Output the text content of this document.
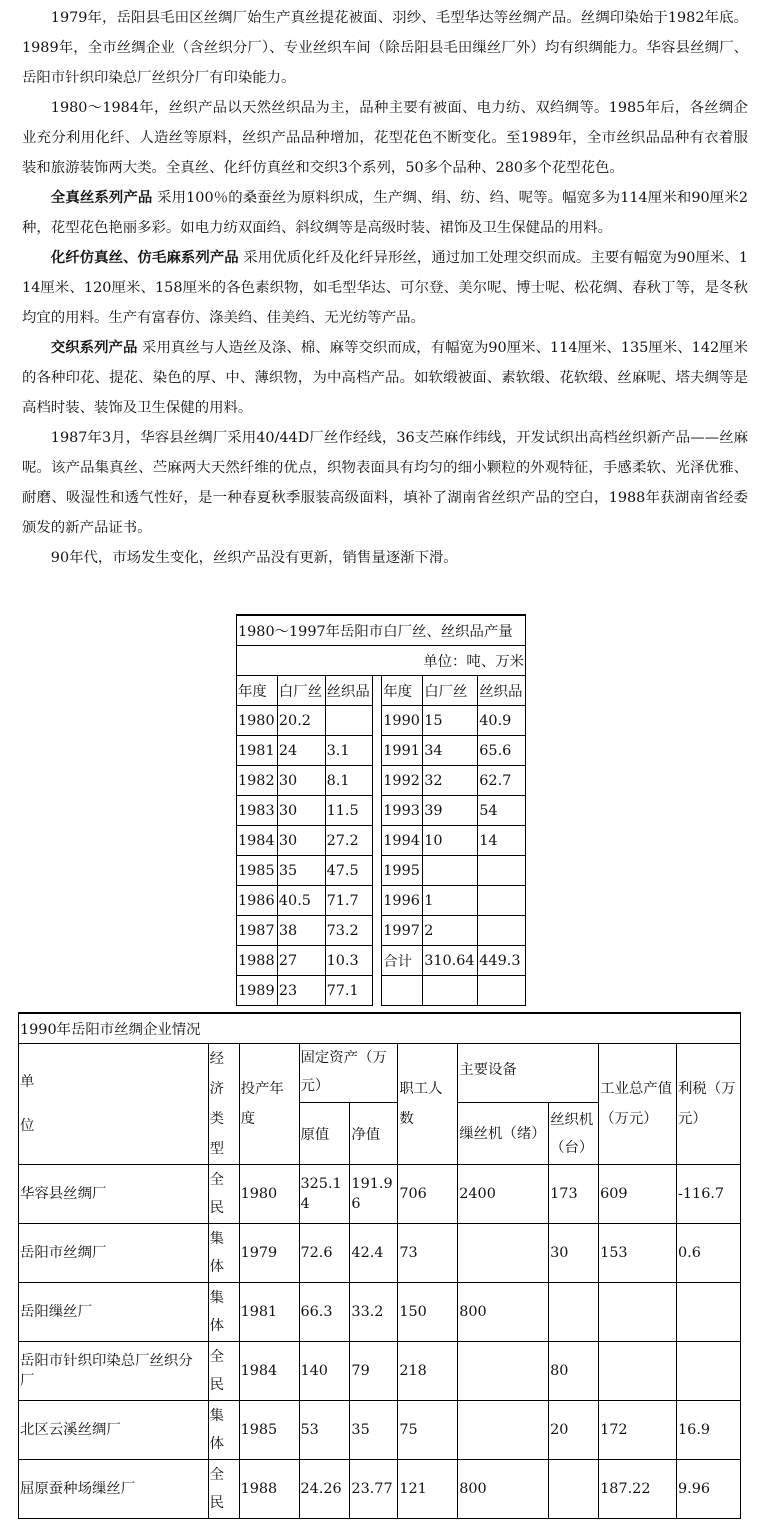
1979年，岳阳县毛田区丝绸厂始生产真丝提花被面、羽纱、毛型华达等丝绸产品。丝绸印染始于1982年底。1989年，全市丝绸企业（含丝织分厂）、专业丝织车间（除岳阳县毛田缫丝厂外）均有织绸能力。华容县丝绸厂、岳阳市针织印染总厂丝织分厂有印染能力。

1980～1984年，丝织产品以天然丝织品为主，品种主要有被面、电力纺、双绉绸等。1985年后，各丝绸企业充分利用化纤、人造丝等原料，丝织产品品种增加，花型花色不断变化。至1989年，全市丝织品品种有衣着服装和旅游装饰两大类。全真丝、化纤仿真丝和交织3个系列，50多个品种、280多个花型花色。

全真丝系列产品 采用100％的桑蚕丝为原料织成，生产绸、绢、纺、绉、呢等。幅宽多为114厘米和90厘米2种，花型花色艳丽多彩。如电力纺双面绉、斜纹绸等是高级时装、裙饰及卫生保健品的用料。

化纤仿真丝、仿毛麻系列产品 采用优质化纤及化纤异形丝，通过加工处理交织而成。主要有幅宽为90厘米、114厘米、120厘米、158厘米的各色素织物，如毛型华达、可尔登、美尔呢、博士呢、松花绸、春秋丁等，是冬秋均宜的用料。生产有富春仿、涤美绉、佳美绉、无光纺等产品。

交织系列产品 采用真丝与人造丝及涤、棉、麻等交织而成，有幅宽为90厘米、114厘米、135厘米、142厘米的各种印花、提花、染色的厚、中、薄织物，为中高档产品。如软缎被面、素软缎、花软缎、丝麻呢、塔夫绸等是高档时装、装饰及卫生保健的用料。

1987年3月，华容县丝绸厂采用40/44D厂丝作经线，36支苎麻作纬线，开发试织出高档丝织新产品——丝麻呢。该产品集真丝、苎麻两大天然纤维的优点，织物表面具有均匀的细小颗粒的外观特征，手感柔软、光泽优雅、耐磨、吸湿性和透气性好，是一种春夏秋季服装高级面料，填补了湖南省丝织产品的空白，1988年获湖南省经委颁发的新产品证书。

90年代，市场发生变化，丝织产品没有更新，销售量逐渐下滑。

1980～1997年岳阳市白厂丝、丝织品产量						
单位：吨、万米						
年度	白厂丝	丝织品		年度	白厂丝	丝织品
1980	20.2			1990	15	40.9
1981	24	3.1		1991	34	65.6
1982	30	8.1		1992	32	62.7
1983	30	11.5		1993	39	54
1984	30	27.2		1994	10	14
1985	35	47.5		1995		
1986	40.5	71.7		1996	1	
1987	38	73.2		1997	2	
1988	27	10.3		合计	310.64	449.3
1989	23	77.1				
1990年岳阳市丝绸企业情况									
单位	经济类型	投产年度	固定资产（万元）		职工人数	主要设备		工业总产值（万元）	利税（万元）
			原值	净值		缫丝机（绪）	丝织机（台）		
华容县丝绸厂	全民	1980	325.14	191.96	706	2400	173	609	-116.7
岳阳市丝绸厂	集体	1979	72.6	42.4	73		30	153	0.6
岳阳缫丝厂	集体	1981	66.3	33.2	150	800			
岳阳市针织印染总厂丝织分厂	全民	1984	140	79	218		80		
北区云溪丝绸厂	集体	1985	53	35	75		20	172	16.9
屈原蚕种场缫丝厂	全民	1988	24.26	23.77	121	800		187.22	9.96
